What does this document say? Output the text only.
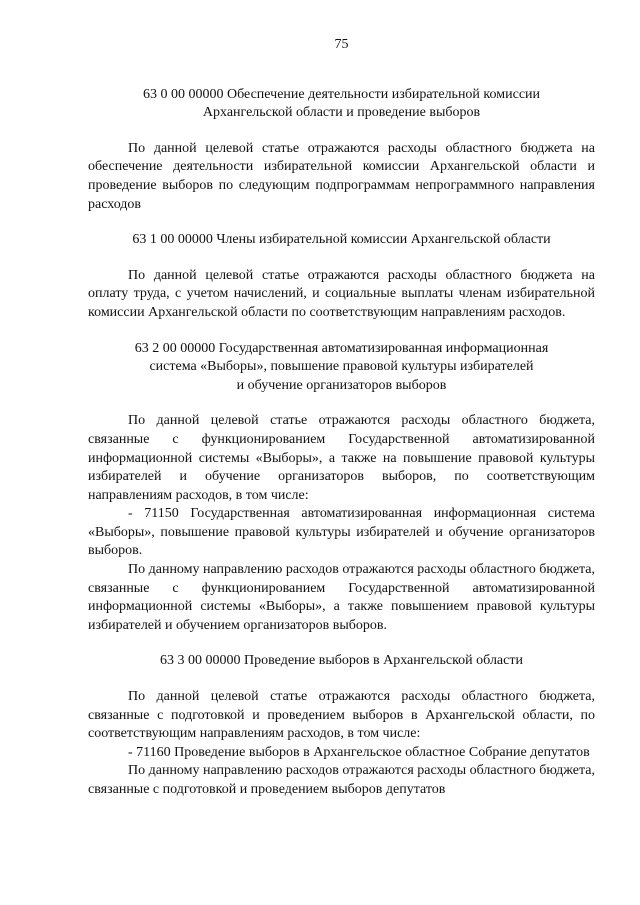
75

63 0 00 00000 Обеспечение деятельности избирательной комиссии

Архангельской области и проведение выборов

По данной целевой статье отражаются расходы областного бюджета на обеспечение деятельности избирательной комиссии Архангельской области и проведение выборов по следующим подпрограммам непрограммного направления расходов

63 1 00 00000 Члены избирательной комиссии Архангельской области

По данной целевой статье отражаются расходы областного бюджета на оплату труда, с учетом начислений, и социальные выплаты членам избирательной комиссии Архангельской области по соответствующим направлениям расходов.

63 2 00 00000 Государственная автоматизированная информационная

система «Выборы», повышение правовой культуры избирателей

и обучение организаторов выборов

По данной целевой статье отражаются расходы областного бюджета, связанные с функционированием Государственной автоматизированной информационной системы «Выборы», а также на повышение правовой культуры избирателей и обучение организаторов выборов, по соответствующим направлениям расходов, в том числе:

- 71150 Государственная автоматизированная информационная система «Выборы», повышение правовой культуры избирателей и обучение организаторов выборов.

По данному направлению расходов отражаются расходы областного бюджета, связанные с функционированием Государственной автоматизированной информационной системы «Выборы», а также повышением правовой культуры избирателей и обучением организаторов выборов.

63 3 00 00000 Проведение выборов в Архангельской области

По данной целевой статье отражаются расходы областного бюджета, связанные с подготовкой и проведением выборов в Архангельской области, по соответствующим направлениям расходов, в том числе:

- 71160 Проведение выборов в Архангельское областное Собрание депутатов

По данному направлению расходов отражаются расходы областного бюджета, связанные с подготовкой и проведением выборов депутатов
